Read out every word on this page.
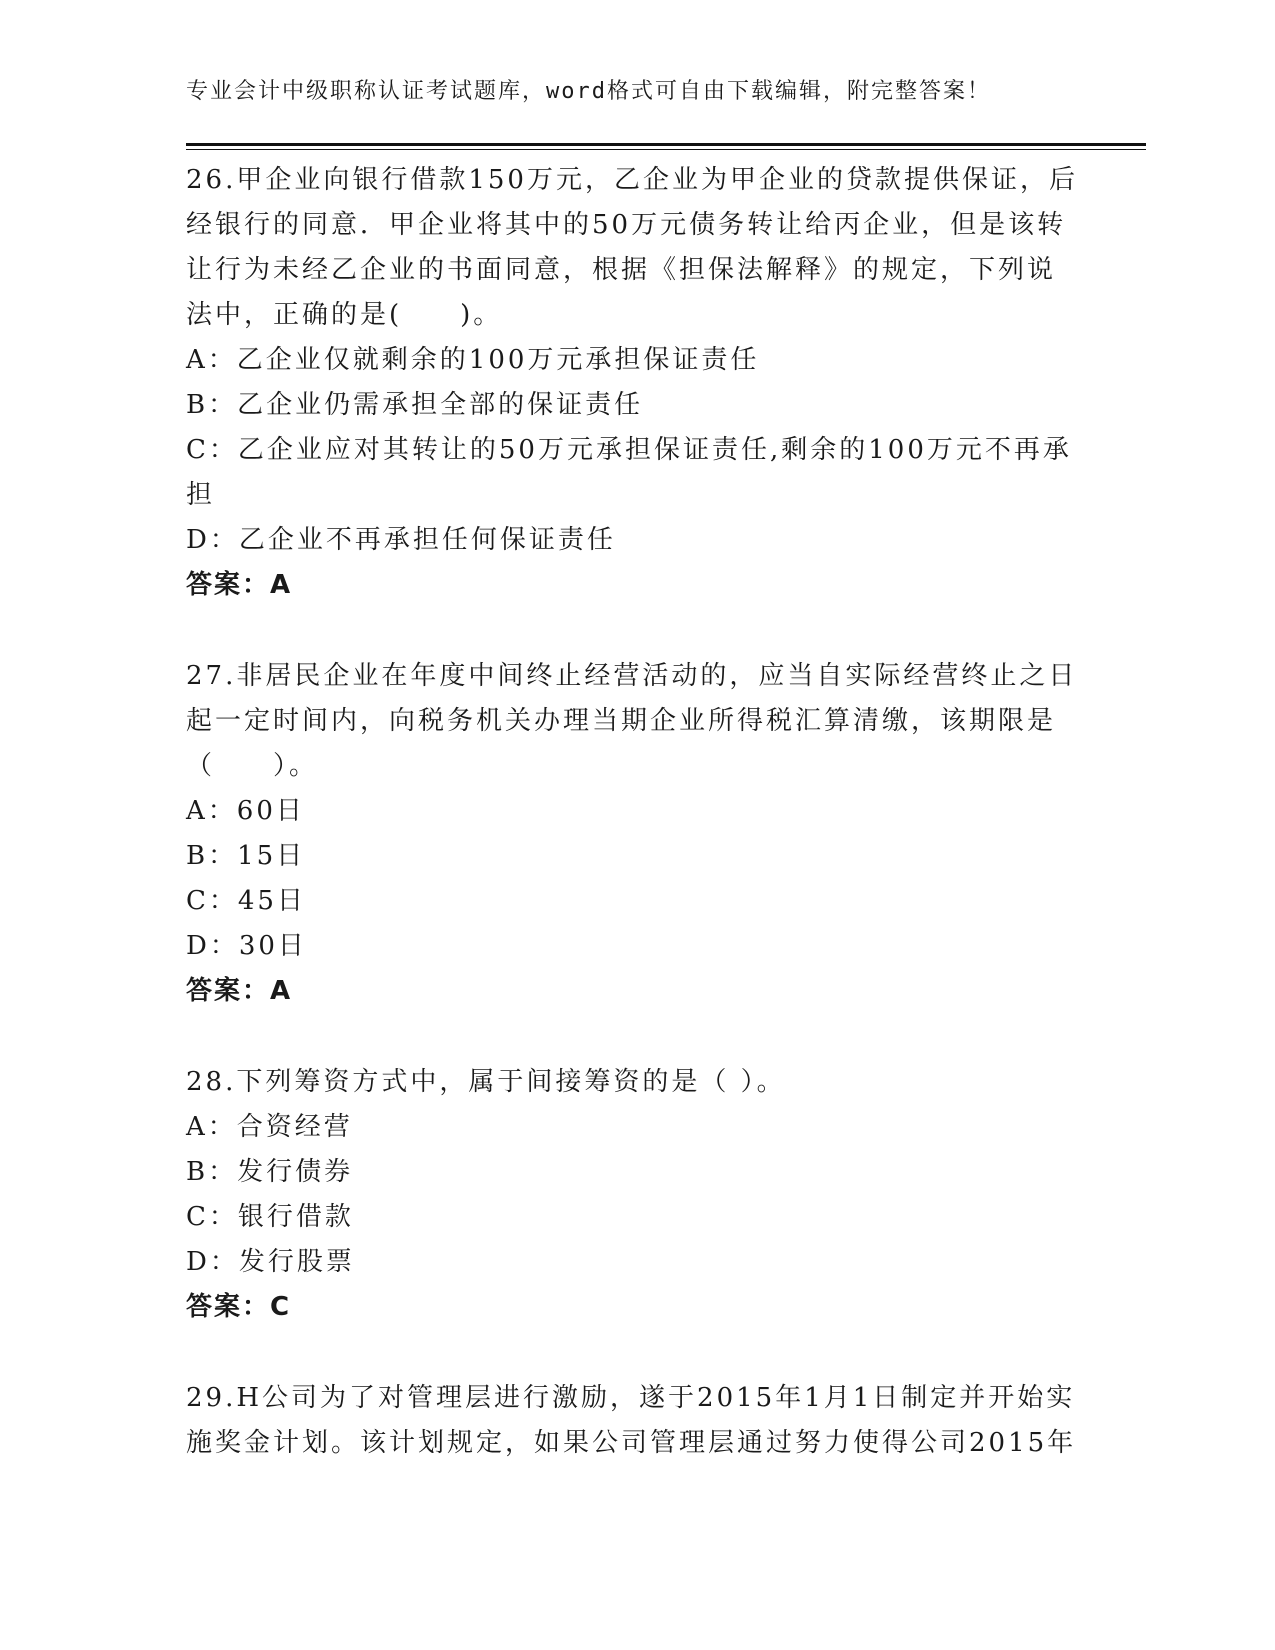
专业会计中级职称认证考试题库，word格式可自由下载编辑，附完整答案！
26.甲企业向银行借款150万元，乙企业为甲企业的贷款提供保证，后
经银行的同意．甲企业将其中的50万元债务转让给丙企业，但是该转
让行为未经乙企业的书面同意，根据《担保法解释》的规定，下列说
法中，正确的是(　　)。
A：乙企业仅就剩余的100万元承担保证责任
B：乙企业仍需承担全部的保证责任
C：乙企业应对其转让的50万元承担保证责任,剩余的100万元不再承
担
D：乙企业不再承担任何保证责任
答案：A
27.非居民企业在年度中间终止经营活动的，应当自实际经营终止之日
起一定时间内，向税务机关办理当期企业所得税汇算清缴，该期限是
（　　）。
A：60日
B：15日
C：45日
D：30日
答案：A
28.下列筹资方式中，属于间接筹资的是（ ）。
A：合资经营
B：发行债券
C：银行借款
D：发行股票
答案：C
29.H公司为了对管理层进行激励，遂于2015年1月1日制定并开始实
施奖金计划。该计划规定，如果公司管理层通过努力使得公司2015年
